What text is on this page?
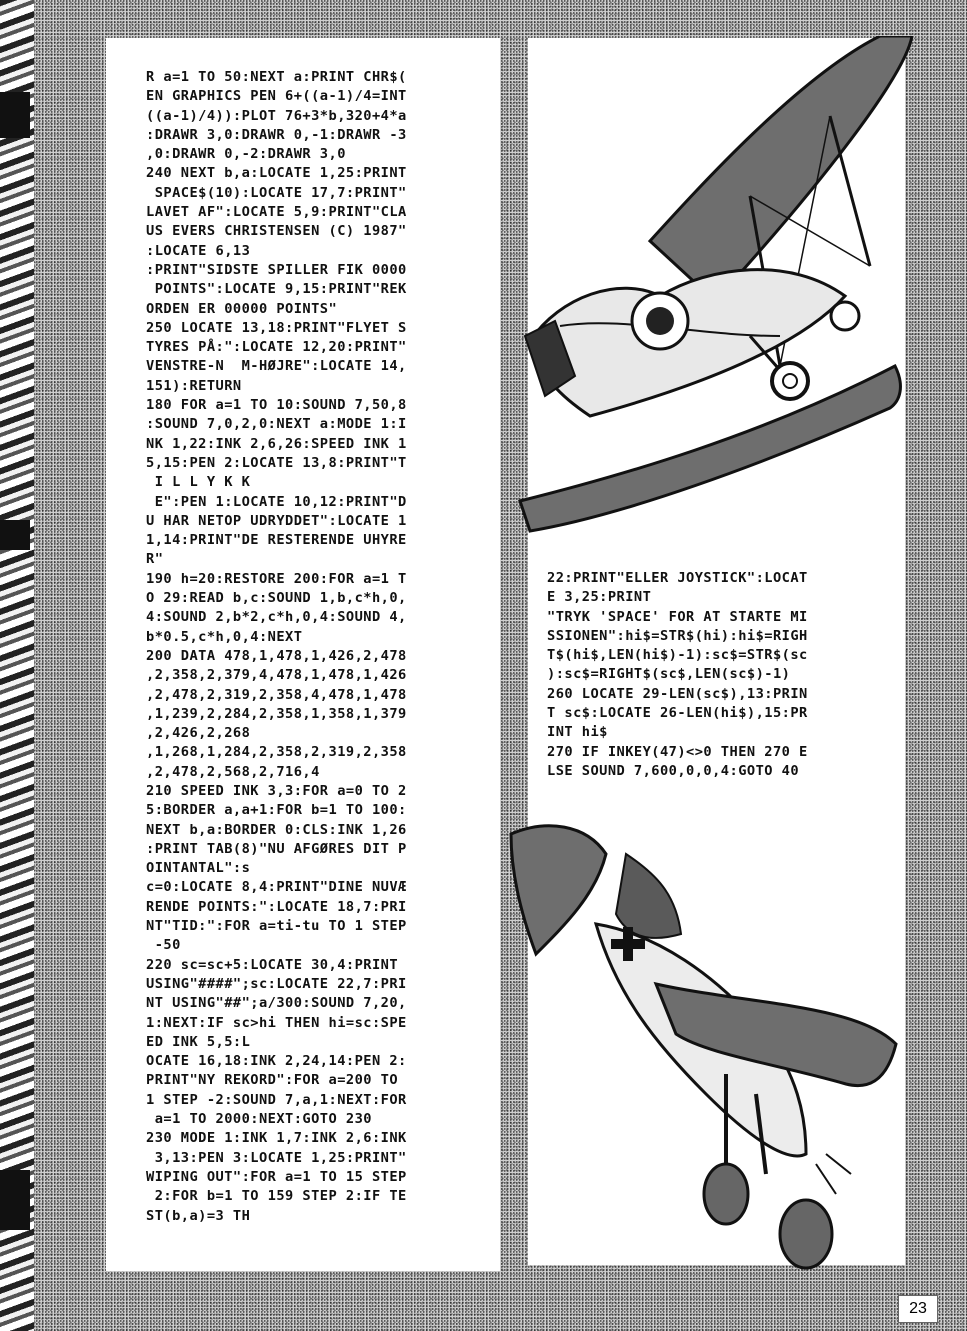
R a=1 TO 50:NEXT a:PRINT CHR$(
EN GRAPHICS PEN 6+((a-1)/4=INT
((a-1)/4)):PLOT 76+3*b,320+4*a
:DRAWR 3,0:DRAWR 0,-1:DRAWR -3
,0:DRAWR 0,-2:DRAWR 3,0
240 NEXT b,a:LOCATE 1,25:PRINT
SPACE$(10):LOCATE 17,7:PRINT"
LAVET AF":LOCATE 5,9:PRINT"CLA
US EVERS CHRISTENSEN (C) 1987"
:LOCATE 6,13
:PRINT"SIDSTE SPILLER FIK 0000
POINTS":LOCATE 9,15:PRINT"REK
ORDEN ER 00000 POINTS"
250 LOCATE 13,18:PRINT"FLYET S
TYRES PÅ:":LOCATE 12,20:PRINT"
VENSTRE-N  M-HØJRE":LOCATE 14,
151):RETURN
180 FOR a=1 TO 10:SOUND 7,50,8
:SOUND 7,0,2,0:NEXT a:MODE 1:I
NK 1,22:INK 2,6,26:SPEED INK 1
5,15:PEN 2:LOCATE 13,8:PRINT"T
I L L Y K K
E":PEN 1:LOCATE 10,12:PRINT"D
U HAR NETOP UDRYDDET":LOCATE 1
1,14:PRINT"DE RESTERENDE UHYRE
R"
190 h=20:RESTORE 200:FOR a=1 T
O 29:READ b,c:SOUND 1,b,c*h,0,
4:SOUND 2,b*2,c*h,0,4:SOUND 4,
b*0.5,c*h,0,4:NEXT
200 DATA 478,1,478,1,426,2,478
,2,358,2,379,4,478,1,478,1,426
,2,478,2,319,2,358,4,478,1,478
,1,239,2,284,2,358,1,358,1,379
,2,426,2,268
,1,268,1,284,2,358,2,319,2,358
,2,478,2,568,2,716,4
210 SPEED INK 3,3:FOR a=0 TO 2
5:BORDER a,a+1:FOR b=1 TO 100:
NEXT b,a:BORDER 0:CLS:INK 1,26
:PRINT TAB(8)"NU AFGØRES DIT P
OINTANTAL":s
c=0:LOCATE 8,4:PRINT"DINE NUVÆ
RENDE POINTS:":LOCATE 18,7:PRI
NT"TID:":FOR a=ti-tu TO 1 STEP
-50
220 sc=sc+5:LOCATE 30,4:PRINT
USING"####";sc:LOCATE 22,7:PRI
NT USING"##";a/300:SOUND 7,20,
1:NEXT:IF sc>hi THEN hi=sc:SPE
ED INK 5,5:L
OCATE 16,18:INK 2,24,14:PEN 2:
PRINT"NY REKORD":FOR a=200 TO
1 STEP -2:SOUND 7,a,1:NEXT:FOR
a=1 TO 2000:NEXT:GOTO 230
230 MODE 1:INK 1,7:INK 2,6:INK
3,13:PEN 3:LOCATE 1,25:PRINT"
WIPING OUT":FOR a=1 TO 15 STEP
2:FOR b=1 TO 159 STEP 2:IF TE
ST(b,a)=3 TH
22:PRINT"ELLER JOYSTICK":LOCAT
E 3,25:PRINT
"TRYK 'SPACE' FOR AT STARTE MI
SSIONEN":hi$=STR$(hi):hi$=RIGH
T$(hi$,LEN(hi$)-1):sc$=STR$(sc
):sc$=RIGHT$(sc$,LEN(sc$)-1)
260 LOCATE 29-LEN(sc$),13:PRIN
T sc$:LOCATE 26-LEN(hi$),15:PR
INT hi$
270 IF INKEY(47)<>0 THEN 270 E
LSE SOUND 7,600,0,0,4:GOTO 40
23
